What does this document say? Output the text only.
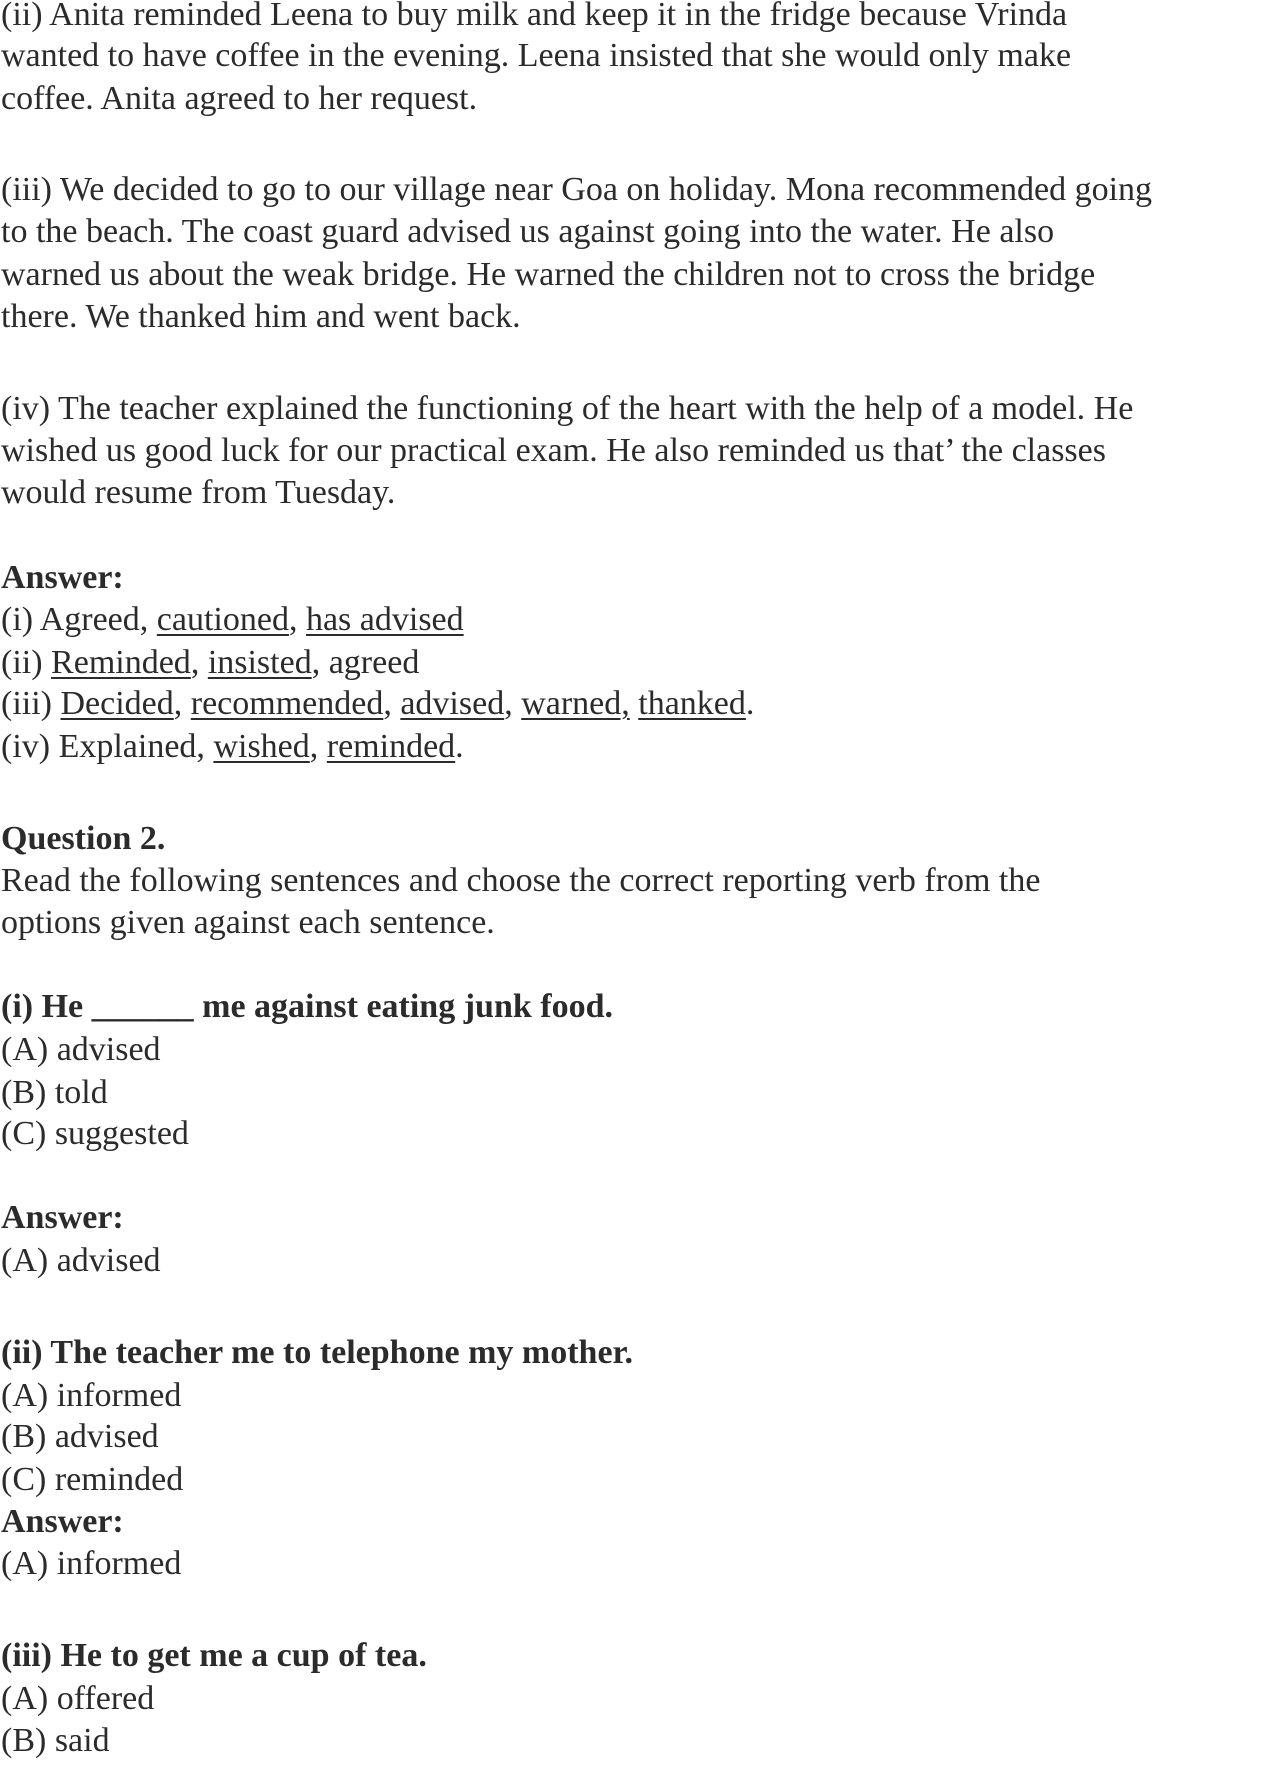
(ii) Anita reminded Leena to buy milk and keep it in the fridge because Vrinda
wanted to have coffee in the evening. Leena insisted that she would only make
coffee. Anita agreed to her request.
(iii) We decided to go to our village near Goa on holiday. Mona recommended going
to the beach. The coast guard advised us against going into the water. He also
warned us about the weak bridge. He warned the children not to cross the bridge
there. We thanked him and went back.
(iv) The teacher explained the functioning of the heart with the help of a model. He
wished us good luck for our practical exam. He also reminded us that’ the classes
would resume from Tuesday.
Answer:
(i) Agreed, cautioned, has advised
(ii) Reminded, insisted, agreed
(iii) Decided, recommended, advised, warned, thanked.
(iv) Explained, wished, reminded.
Question 2.
Read the following sentences and choose the correct reporting verb from the
options given against each sentence.
(i) He ______ me against eating junk food.
(A) advised
(B) told
(C) suggested
Answer:
(A) advised
(ii) The teacher me to telephone my mother.
(A) informed
(B) advised
(C) reminded
Answer:
(A) informed
(iii) He to get me a cup of tea.
(A) offered
(B) said
